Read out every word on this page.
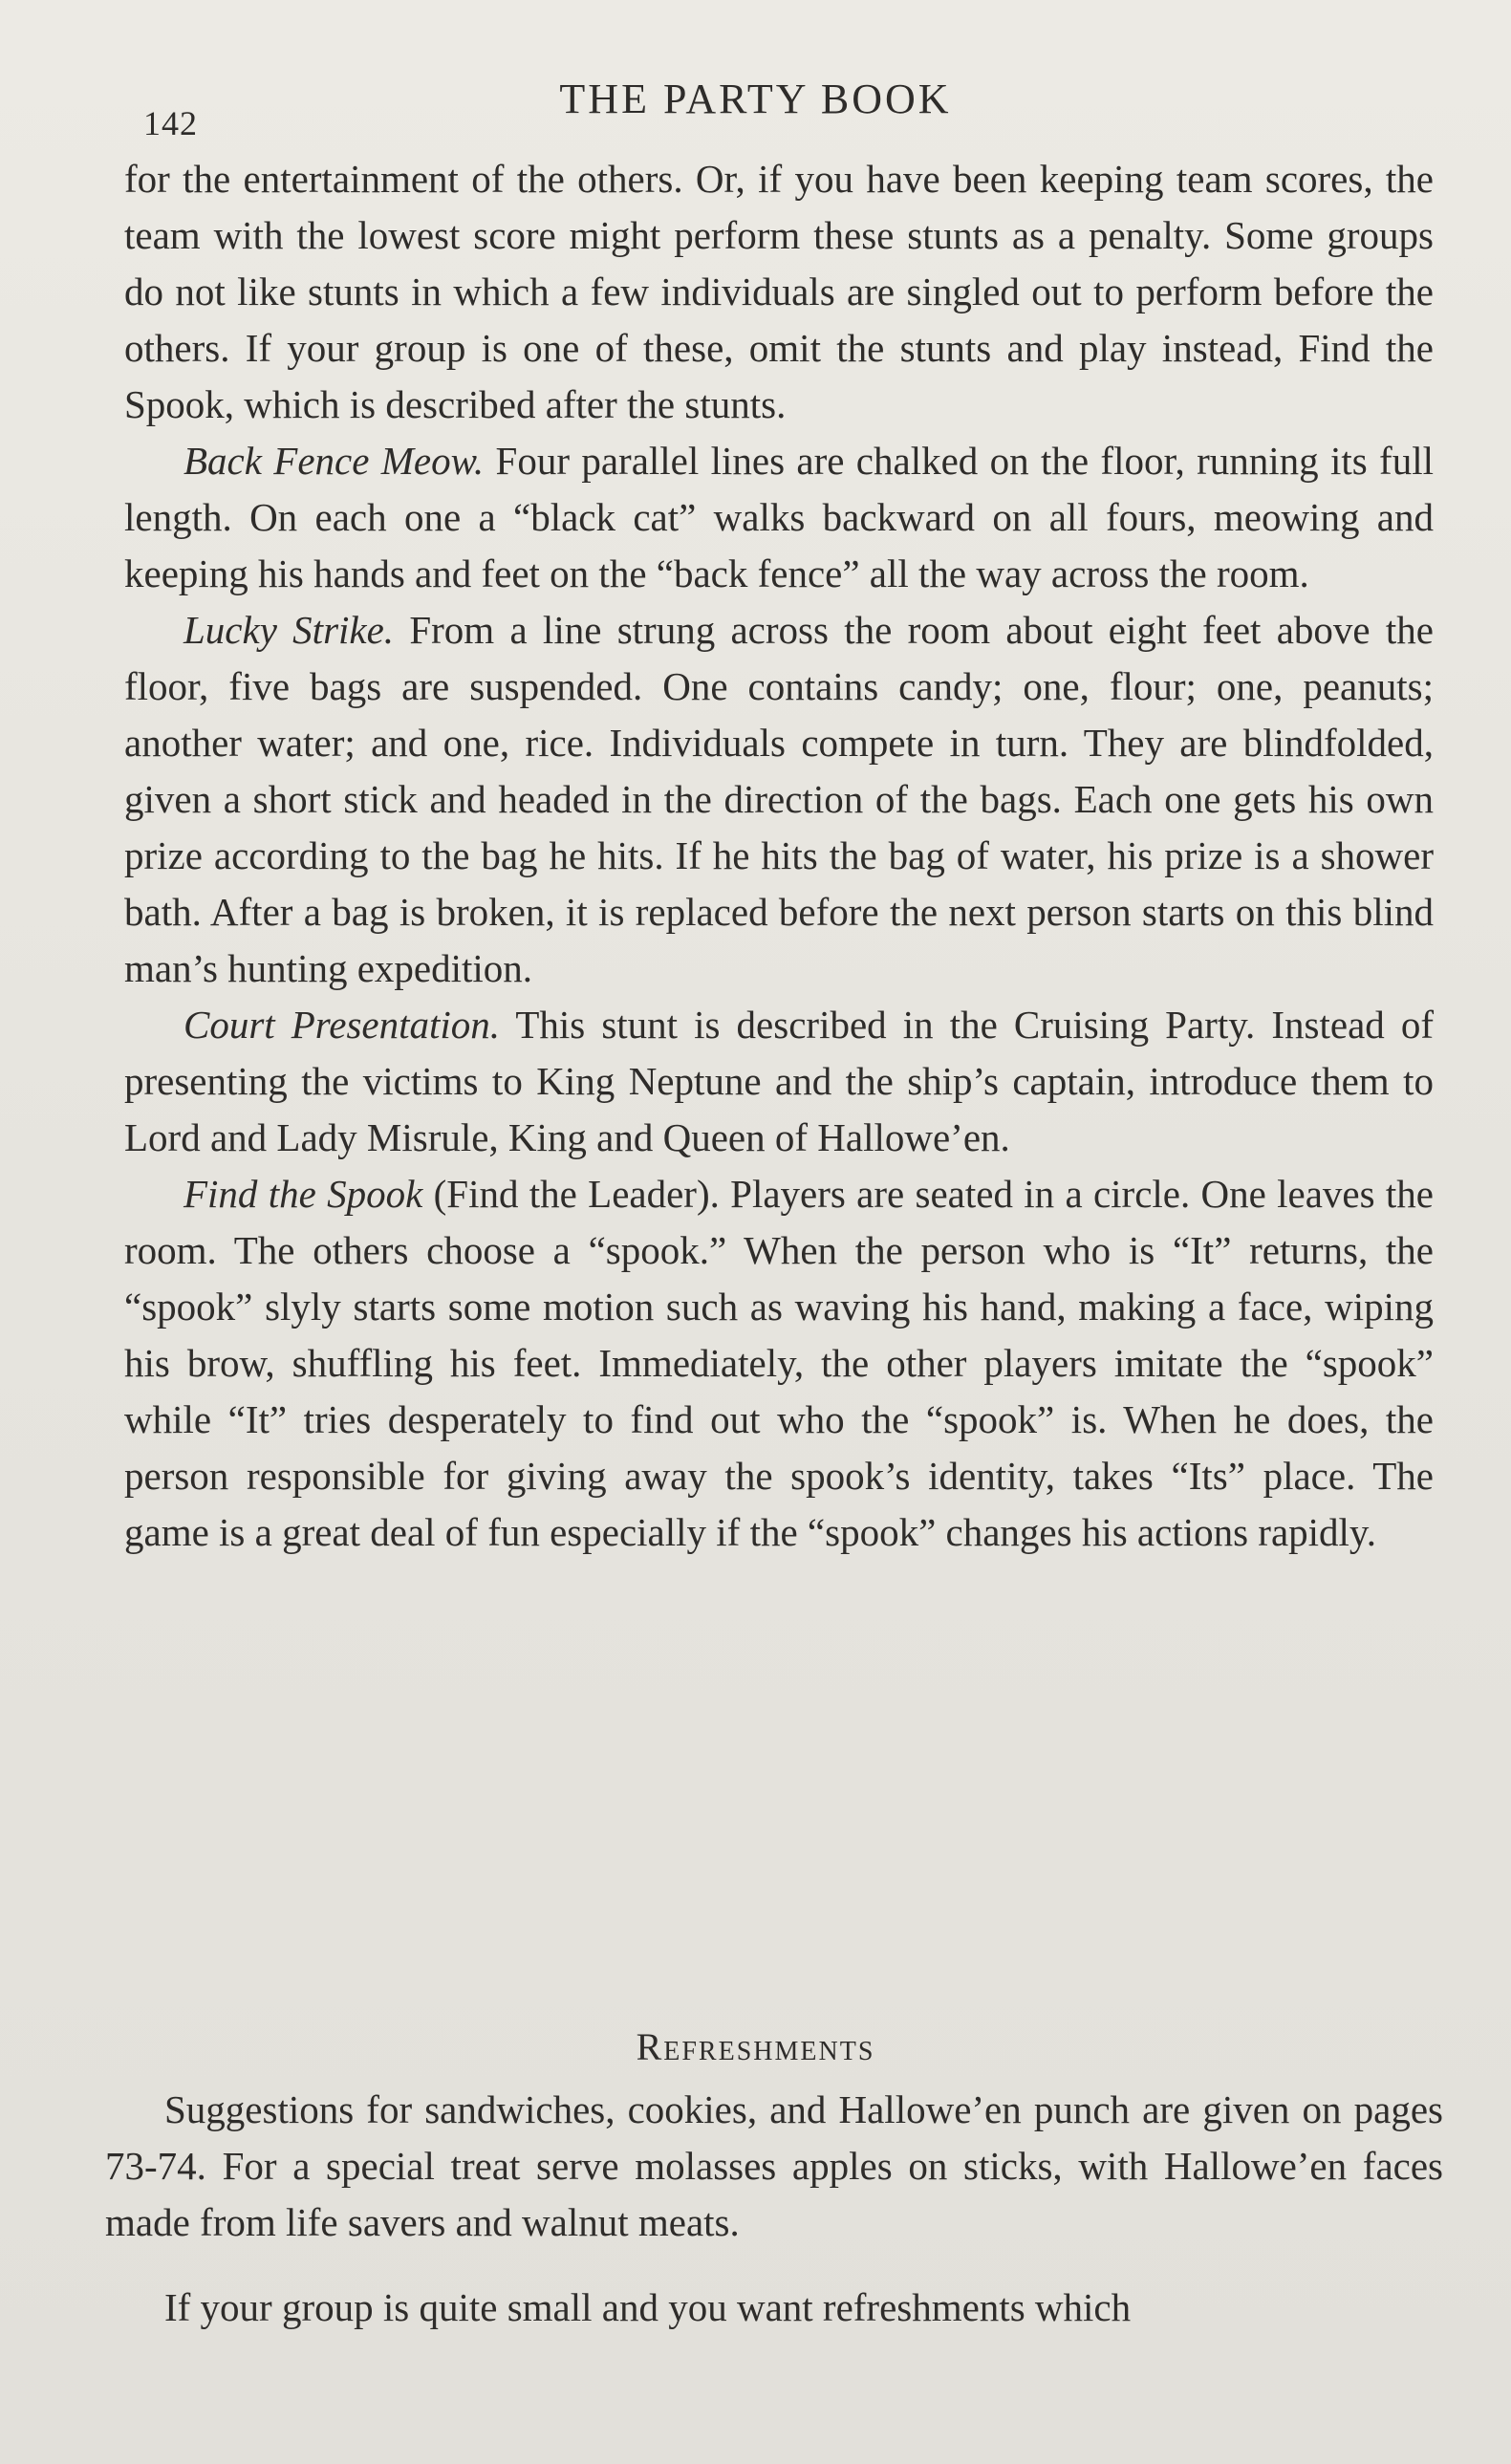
142
THE PARTY BOOK

for the entertainment of the others. Or, if you have been keeping team scores, the team with the lowest score might perform these stunts as a penalty. Some groups do not like stunts in which a few individuals are singled out to perform before the others. If your group is one of these, omit the stunts and play instead, Find the Spook, which is described after the stunts.

Back Fence Meow. Four parallel lines are chalked on the floor, running its full length. On each one a “black cat” walks backward on all fours, meowing and keeping his hands and feet on the “back fence” all the way across the room.

Lucky Strike. From a line strung across the room about eight feet above the floor, five bags are suspended. One contains candy; one, flour; one, peanuts; another water; and one, rice. Individuals compete in turn. They are blindfolded, given a short stick and headed in the direction of the bags. Each one gets his own prize according to the bag he hits. If he hits the bag of water, his prize is a shower bath. After a bag is broken, it is replaced before the next person starts on this blind man’s hunting expedition.

Court Presentation. This stunt is described in the Cruising Party. Instead of presenting the victims to King Neptune and the ship’s captain, introduce them to Lord and Lady Misrule, King and Queen of Hallowe’en.

Find the Spook (Find the Leader). Players are seated in a circle. One leaves the room. The others choose a “spook.” When the person who is “It” returns, the “spook” slyly starts some motion such as waving his hand, making a face, wiping his brow, shuffling his feet. Immediately, the other players imitate the “spook” while “It” tries desperately to find out who the “spook” is. When he does, the person responsible for giving away the spook’s identity, takes “Its” place. The game is a great deal of fun especially if the “spook” changes his actions rapidly.

Refreshments

Suggestions for sandwiches, cookies, and Hallowe’en punch are given on pages 73-74. For a special treat serve molasses apples on sticks, with Hallowe’en faces made from life savers and walnut meats.

If your group is quite small and you want refreshments which
